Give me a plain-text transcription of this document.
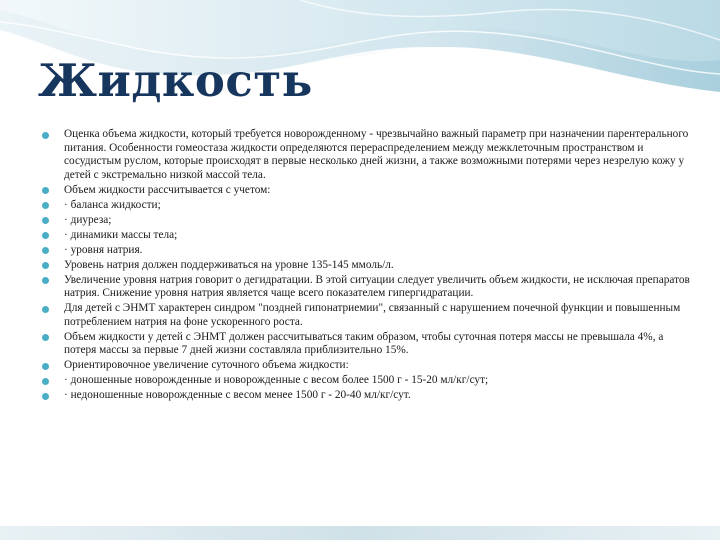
Жидкость
Оценка объема жидкости, который требуется новорожденному - чрезвычайно важный параметр при назначении парентерального питания. Особенности гомеостаза жидкости определяются перераспределением между межклеточным пространством и сосудистым руслом, которые происходят в первые несколько дней жизни, а также возможными потерями через незрелую кожу у детей с экстремально низкой массой тела.
Объем жидкости рассчитывается с учетом:
· баланса жидкости;
· диуреза;
· динамики массы тела;
· уровня натрия.
Уровень натрия должен поддерживаться на уровне 135-145 ммоль/л.
Увеличение уровня натрия говорит о дегидратации. В этой ситуации следует увеличить объем жидкости, не исключая препаратов натрия. Снижение уровня натрия является чаще всего показателем гипергидратации.
Для детей с ЭНМТ характерен синдром "поздней гипонатриемии", связанный с нарушением почечной функции и повышенным потреблением натрия на фоне ускоренного роста.
Объем жидкости у детей с ЭНМТ должен рассчитываться таким образом, чтобы суточная потеря массы не превышала 4%, а потеря массы за первые 7 дней жизни составляла приблизительно 15%.
Ориентировочное увеличение суточного объема жидкости:
· доношенные новорожденные и новорожденные с весом более 1500 г - 15-20 мл/кг/сут;
· недоношенные новорожденные с весом менее 1500 г - 20-40 мл/кг/сут.
